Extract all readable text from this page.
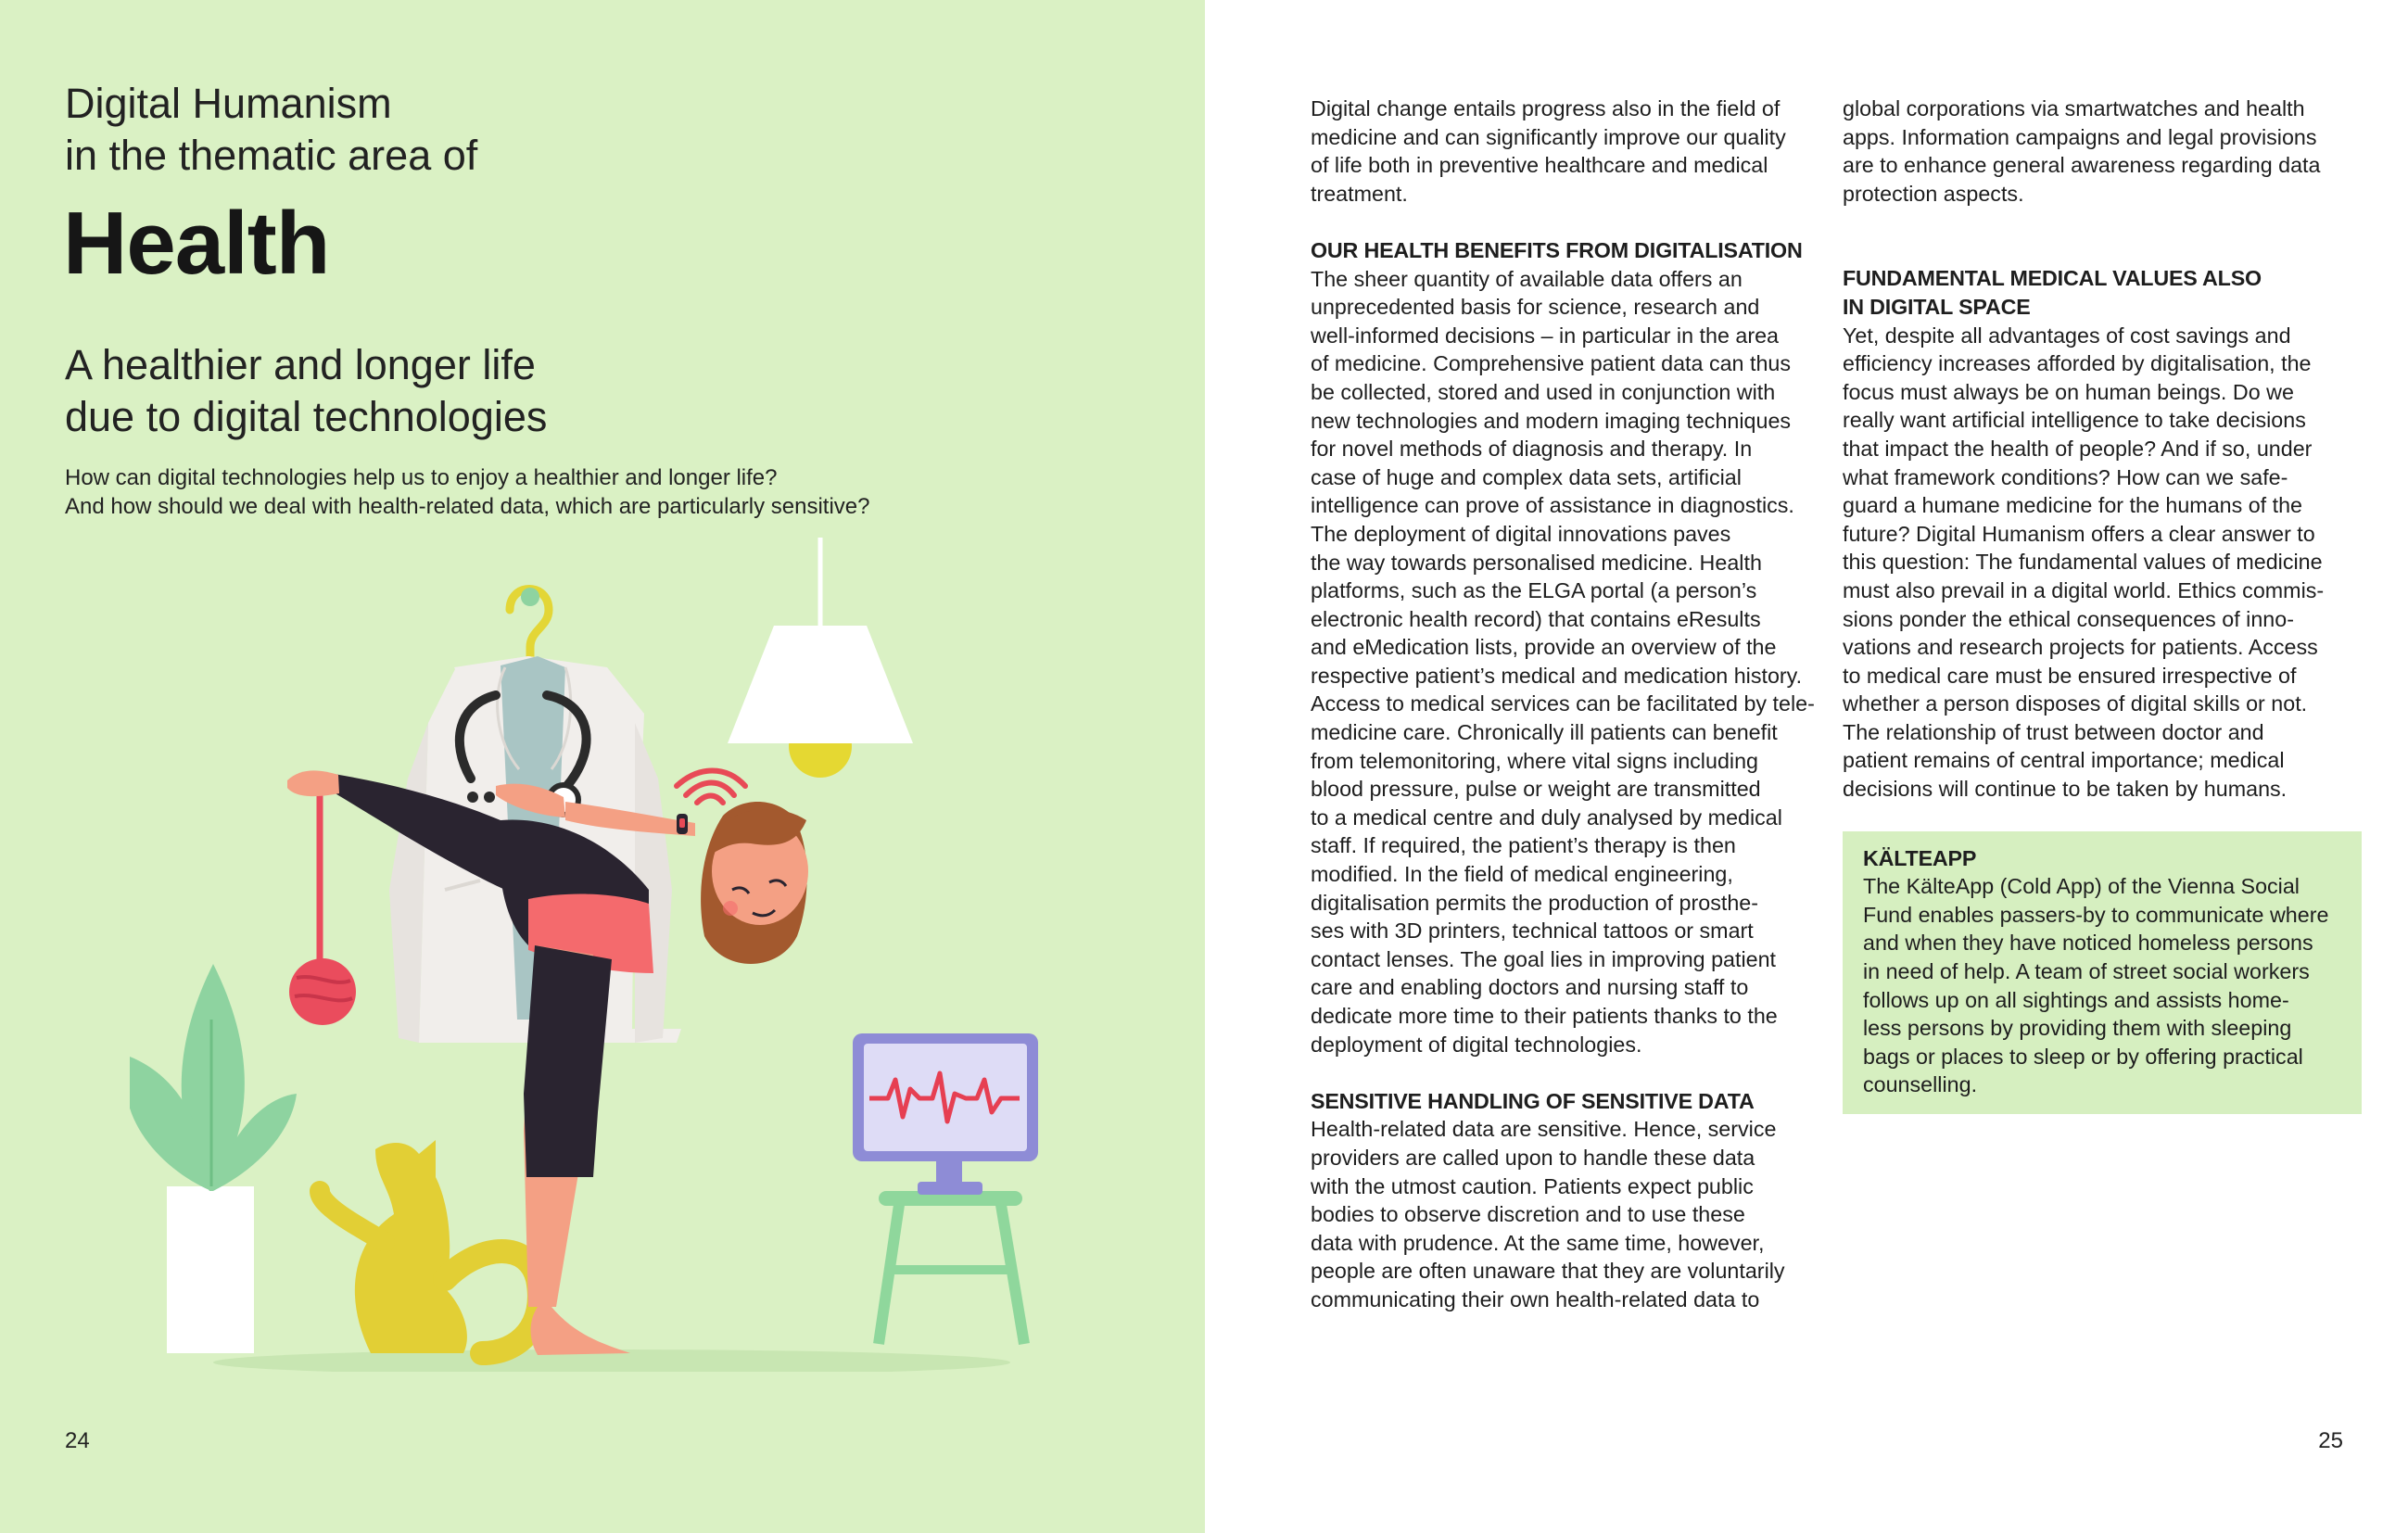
Digital Humanism
in the thematic area of
Health
A healthier and longer life
due to digital technologies
How can digital technologies help us to enjoy a healthier and longer life?
And how should we deal with health-related data, which are particularly sensitive?
24

Digital change entails progress also in the field of

medicine and can significantly improve our quality

of life both in preventive healthcare and medical

treatment.

OUR HEALTH BENEFITS FROM DIGITALISATION

The sheer quantity of available data offers an

unprecedented basis for science, research and

well-informed decisions – in particular in the area

of medicine. Comprehensive patient data can thus

be collected, stored and used in conjunction with

new technologies and modern imaging techniques

for novel methods of diagnosis and therapy. In

case of huge and complex data sets, artificial

intelligence can prove of assistance in diagnostics.

The deployment of digital innovations paves

the way towards personalised medicine. Health

platforms, such as the ELGA portal (a person’s

electronic health record) that contains eResults

and eMedication lists, provide an overview of the

respective patient’s medical and medication history.

Access to medical services can be facilitated by tele-

medicine care. Chronically ill patients can benefit

from telemonitoring, where vital signs including

blood pressure, pulse or weight are transmitted

to a medical centre and duly analysed by medical

staff. If required, the patient’s therapy is then

modified. In the field of medical engineering,

digitalisation permits the production of prosthe-

ses with 3D printers, technical tattoos or smart

contact lenses. The goal lies in improving patient

care and enabling doctors and nursing staff to

dedicate more time to their patients thanks to the

deployment of digital technologies.

SENSITIVE HANDLING OF SENSITIVE DATA

Health-related data are sensitive. Hence, service

providers are called upon to handle these data

with the utmost caution. Patients expect public

bodies to observe discretion and to use these

data with prudence. At the same time, however,

people are often unaware that they are voluntarily

communicating their own health-related data to

global corporations via smartwatches and health

apps. Information campaigns and legal provisions

are to enhance general awareness regarding data

protection aspects.

FUNDAMENTAL MEDICAL VALUES ALSO
IN DIGITAL SPACE

Yet, despite all advantages of cost savings and

efficiency increases afforded by digitalisation, the

focus must always be on human beings. Do we

really want artificial intelligence to take decisions

that impact the health of people? And if so, under

what framework conditions? How can we safe-

guard a humane medicine for the humans of the

future? Digital Humanism offers a clear answer to

this question: The fundamental values of medicine

must also prevail in a digital world. Ethics commis-

sions ponder the ethical consequences of inno-

vations and research projects for patients. Access

to medical care must be ensured irrespective of

whether a person disposes of digital skills or not.

The relationship of trust between doctor and

patient remains of central importance; medical

decisions will continue to be taken by humans.

KÄLTEAPP

The KälteApp (Cold App) of the Vienna Social

Fund enables passers-by to communicate where

and when they have noticed homeless persons

in need of help. A team of street social workers

follows up on all sightings and assists home-

less persons by providing them with sleeping

bags or places to sleep or by offering practical

counselling.

25
